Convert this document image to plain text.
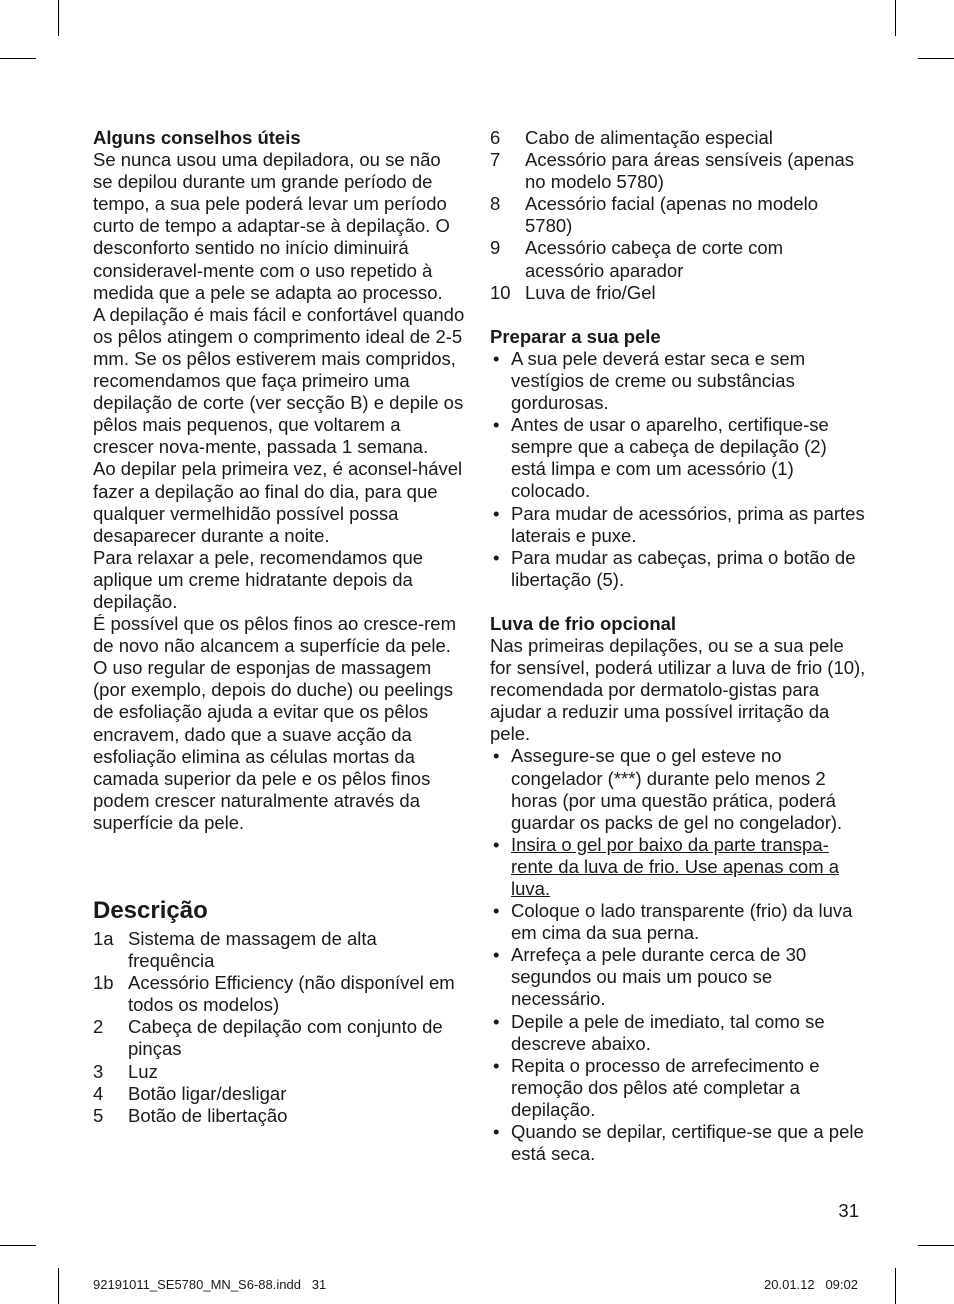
Alguns conselhos úteis

Se nunca usou uma depiladora, ou se não se depilou durante um grande período de tempo, a sua pele poderá levar um período curto de tempo a adaptar-se à depilação. O desconforto sentido no início diminuirá consideravel-mente com o uso repetido à medida que a pele se adapta ao processo.

A depilação é mais fácil e confortável quando os pêlos atingem o comprimento ideal de 2-5 mm. Se os pêlos estiverem mais compridos, recomendamos que faça primeiro uma depilação de corte (ver secção B) e depile os pêlos mais pequenos, que voltarem a crescer nova-mente, passada 1 semana.

Ao depilar pela primeira vez, é aconsel-hável fazer a depilação ao final do dia, para que qualquer vermelhidão possível possa desaparecer durante a noite.

Para relaxar a pele, recomendamos que aplique um creme hidratante depois da depilação.

É possível que os pêlos finos ao cresce-rem de novo não alcancem a superfície da pele. O uso regular de esponjas de massagem (por exemplo, depois do duche) ou peelings de esfoliação ajuda a evitar que os pêlos encravem, dado que a suave acção da esfoliação elimina as células mortas da camada superior da pele e os pêlos finos podem crescer naturalmente através da superfície da pele.

Descrição

1a Sistema de massagem de alta frequência
1b Acessório Efficiency (não disponível em todos os modelos)
2 Cabeça de depilação com conjunto de pinças
3 Luz
4 Botão ligar/desligar
5 Botão de libertação
6 Cabo de alimentação especial
7 Acessório para áreas sensíveis (apenas no modelo 5780)
8 Acessório facial (apenas no modelo 5780)
9 Acessório cabeça de corte com acessório aparador
10 Luva de frio/Gel

Preparar a sua pele

• A sua pele deverá estar seca e sem vestígios de creme ou substâncias gordurosas.
• Antes de usar o aparelho, certifique-se sempre que a cabeça de depilação (2) está limpa e com um acessório (1) colocado.
• Para mudar de acessórios, prima as partes laterais e puxe.
• Para mudar as cabeças, prima o botão de libertação (5).

Luva de frio opcional

Nas primeiras depilações, ou se a sua pele for sensível, poderá utilizar a luva de frio (10), recomendada por dermatolo-gistas para ajudar a reduzir uma possível irritação da pele.

• Assegure-se que o gel esteve no congelador (***) durante pelo menos 2 horas (por uma questão prática, poderá guardar os packs de gel no congelador).
• Insira o gel por baixo da parte transpa-rente da luva de frio. Use apenas com a luva.
• Coloque o lado transparente (frio) da luva em cima da sua perna.
• Arrefeça a pele durante cerca de 30 segundos ou mais um pouco se necessário.
• Depile a pele de imediato, tal como se descreve abaixo.
• Repita o processo de arrefecimento e remoção dos pêlos até completar a depilação.
• Quando se depilar, certifique-se que a pele está seca.
31
92191011_SE5780_MN_S6-88.indd   31	20.01.12   09:02
